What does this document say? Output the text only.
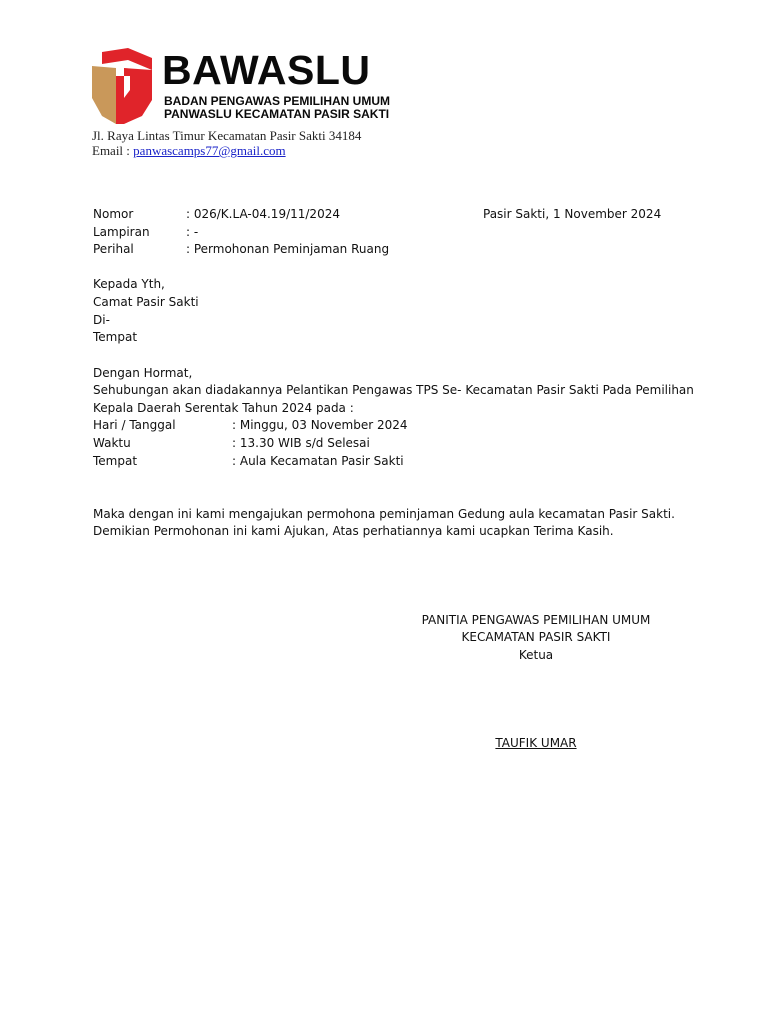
BAWASLU
BADAN PENGAWAS PEMILIHAN UMUM
PANWASLU KECAMATAN PASIR SAKTI
Jl. Raya Lintas Timur Kecamatan Pasir Sakti 34184
Email : panwascamps77@gmail.com
Nomor	: 026/K.LA-04.19/11/2024	Pasir Sakti, 1 November 2024
Lampiran	: -
Perihal	: Permohonan Peminjaman Ruang
Kepada Yth,
Camat Pasir Sakti
Di-
Tempat
Dengan Hormat,
Sehubungan akan diadakannya Pelantikan Pengawas TPS Se- Kecamatan Pasir Sakti Pada Pemilihan
Kepala Daerah Serentak Tahun 2024 pada :
Hari / Tanggal	: Minggu, 03 November 2024
Waktu	: 13.30 WIB s/d Selesai
Tempat	: Aula Kecamatan Pasir Sakti
Maka dengan ini kami mengajukan permohona peminjaman Gedung aula kecamatan Pasir Sakti.
Demikian Permohonan ini kami Ajukan, Atas perhatiannya kami ucapkan Terima Kasih.
PANITIA PENGAWAS PEMILIHAN UMUM
KECAMATAN PASIR SAKTI
Ketua
TAUFIK UMAR
